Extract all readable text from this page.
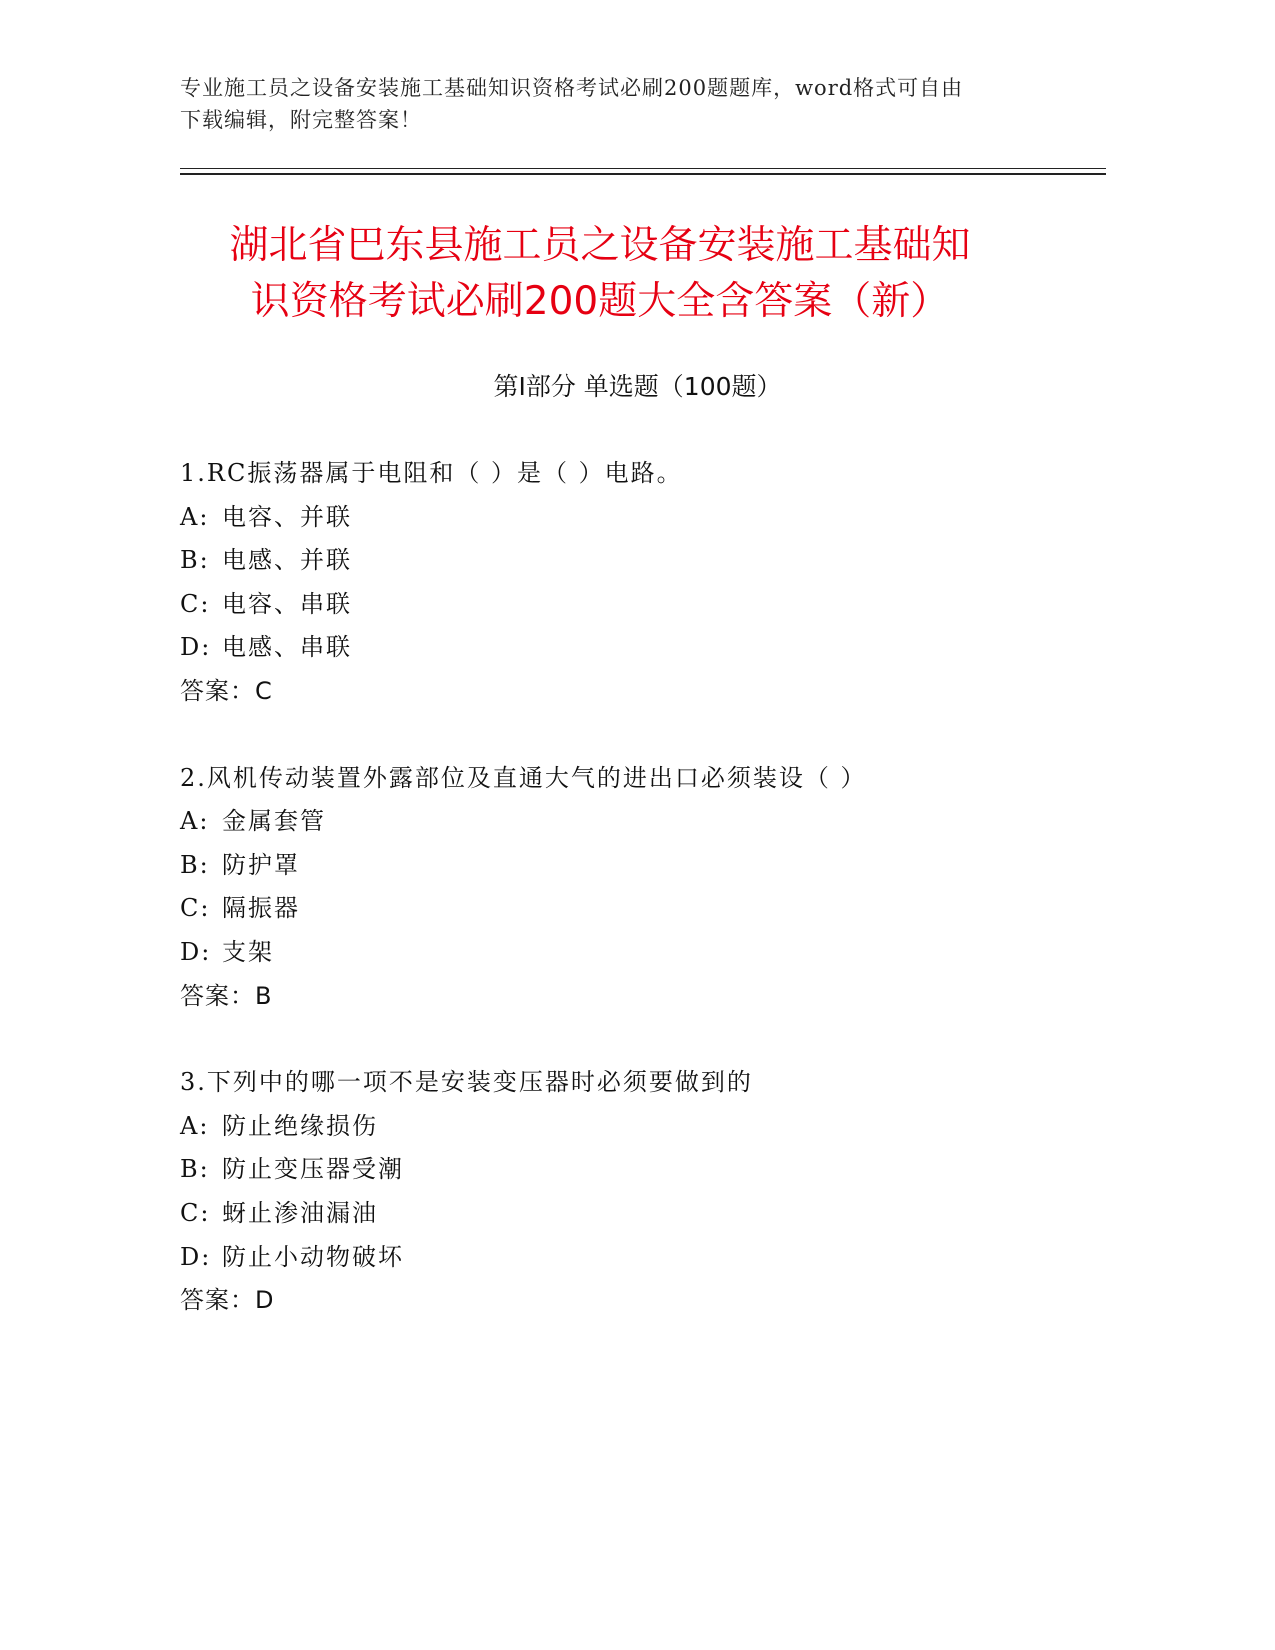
专业施工员之设备安装施工基础知识资格考试必刷200题题库，word格式可自由
下载编辑，附完整答案！
湖北省巴东县施工员之设备安装施工基础知
识资格考试必刷200题大全含答案（新）
第Ⅰ部分 单选题（100题）
1.RC振荡器属于电阻和（ ）是（ ）电路。
A: 电容、并联
B: 电感、并联
C: 电容、串联
D: 电感、串联
答案：C
2.风机传动装置外露部位及直通大气的进出口必须装设（ ）
A: 金属套管
B: 防护罩
C: 隔振器
D: 支架
答案：B
3.下列中的哪一项不是安装变压器时必须要做到的
A: 防止绝缘损伤
B: 防止变压器受潮
C: 蚜止渗油漏油
D: 防止小动物破坏
答案：D
